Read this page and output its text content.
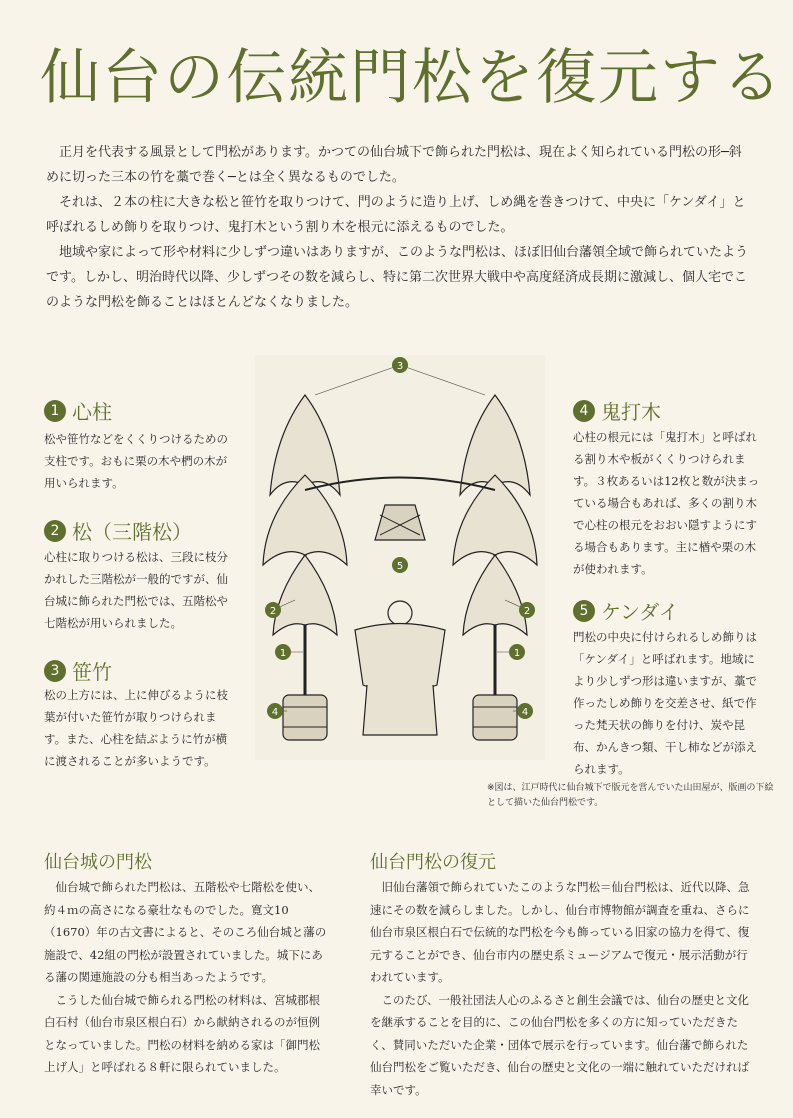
仙台の伝統門松を復元する

正月を代表する風景として門松があります。かつての仙台城下で飾られた門松は、現在よく知られている門松の形─斜めに切った三本の竹を藁で巻く─とは全く異なるものでした。

それは、２本の柱に大きな松と笹竹を取りつけて、門のように造り上げ、しめ縄を巻きつけて、中央に「ケンダイ」と呼ばれるしめ飾りを取りつけ、鬼打木という割り木を根元に添えるものでした。

地域や家によって形や材料に少しずつ違いはありますが、このような門松は、ほぼ旧仙台藩領全域で飾られていたようです。しかし、明治時代以降、少しずつその数を減らし、特に第二次世界大戦中や高度経済成長期に激減し、個人宅でこのような門松を飾ることはほとんどなくなりました。

1 心柱
松や笹竹などをくくりつけるための支柱です。おもに栗の木や椚の木が用いられます。
2 松（三階松）
心柱に取りつける松は、三段に枝分かれした三階松が一般的ですが、仙台城に飾られた門松では、五階松や七階松が用いられました。
3 笹竹
松の上方には、上に伸びるように枝葉が付いた笹竹が取りつけられます。また、心柱を結ぶように竹が横に渡されることが多いようです。
4 鬼打木
心柱の根元には「鬼打木」と呼ばれる割り木や板がくくりつけられます。３枚あるいは12枚と数が決まっている場合もあれば、多くの割り木で心柱の根元をおおい隠すようにする場合もあります。主に楢や栗の木が使われます。
5 ケンダイ
門松の中央に付けられるしめ飾りは「ケンダイ」と呼ばれます。地域により少しずつ形は違いますが、藁で作ったしめ飾りを交差させ、紙で作った梵天状の飾りを付け、炭や昆布、かんきつ類、干し柿などが添えられます。
3
5
2	2
1	1
4	4
※図は、江戸時代に仙台城下で版元を営んでいた山田屋が、版画の下絵として描いた仙台門松です。
仙台城の門松

仙台城で飾られた門松は、五階松や七階松を使い、約４ｍの高さになる豪壮なものでした。寛文10（1670）年の古文書によると、そのころ仙台城と藩の施設で、42組の門松が設置されていました。城下にある藩の関連施設の分も相当あったようです。

こうした仙台城で飾られる門松の材料は、宮城郡根白石村（仙台市泉区根白石）から献納されるのが恒例となっていました。門松の材料を納める家は「御門松上げ人」と呼ばれる８軒に限られていました。

仙台門松の復元

旧仙台藩領で飾られていたこのような門松＝仙台門松は、近代以降、急速にその数を減らしました。しかし、仙台市博物館が調査を重ね、さらに仙台市泉区根白石で伝統的な門松を今も飾っている旧家の協力を得て、復元することができ、仙台市内の歴史系ミュージアムで復元・展示活動が行われています。

このたび、一般社団法人心のふるさと創生会議では、仙台の歴史と文化を継承することを目的に、この仙台門松を多くの方に知っていただきたく、賛同いただいた企業・団体で展示を行っています。仙台藩で飾られた仙台門松をご覧いただき、仙台の歴史と文化の一端に触れていただければ幸いです。
